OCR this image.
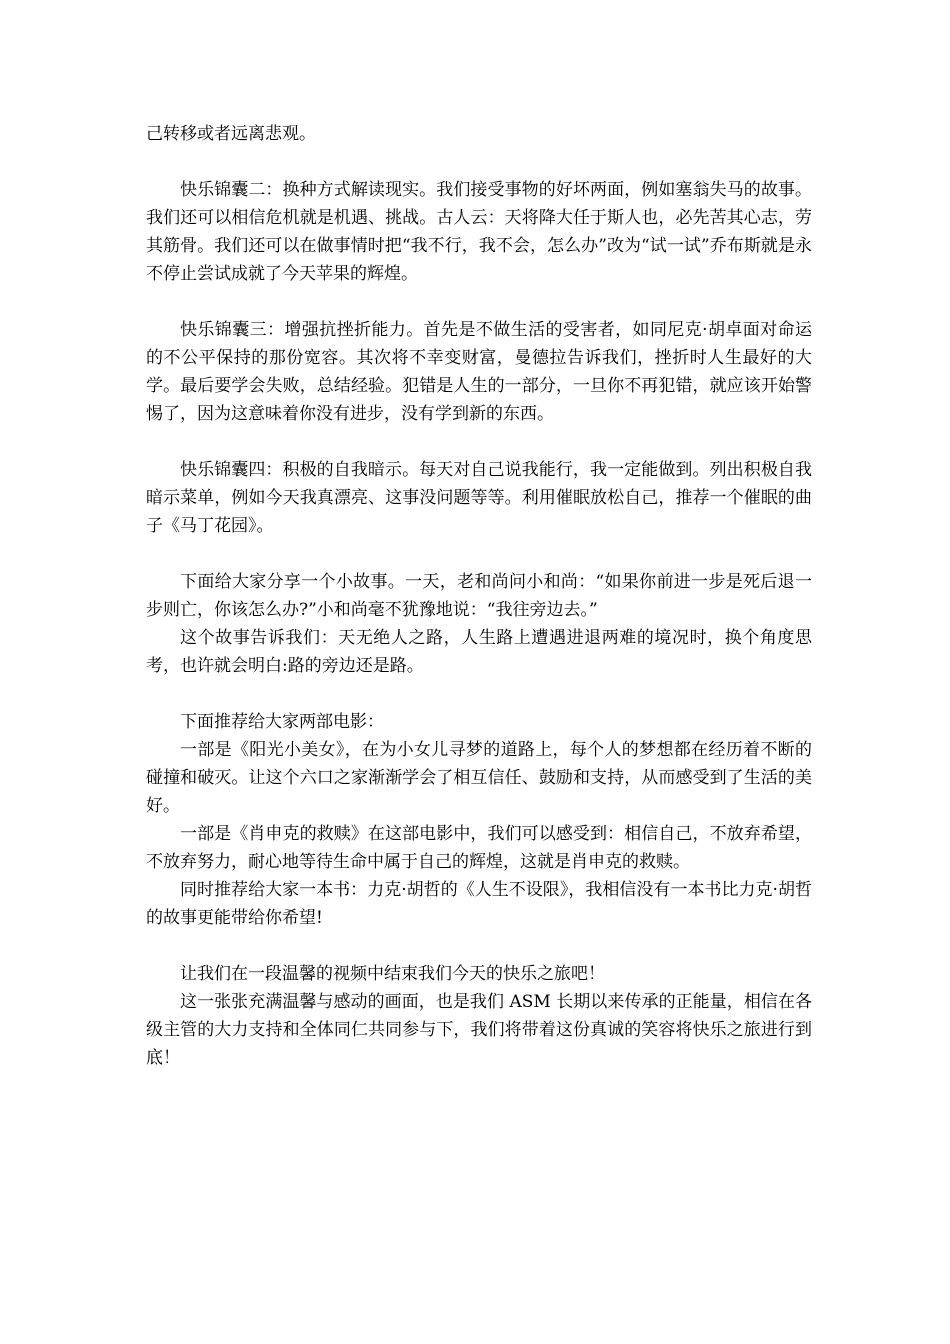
己转移或者远离悲观。

快乐锦囊二：换种方式解读现实。我们接受事物的好坏两面，例如塞翁失马的故事。我们还可以相信危机就是机遇、挑战。古人云：天将降大任于斯人也，必先苦其心志，劳其筋骨。我们还可以在做事情时把“我不行，我不会，怎么办”改为“试一试”乔布斯就是永不停止尝试成就了今天苹果的辉煌。

快乐锦囊三：增强抗挫折能力。首先是不做生活的受害者，如同尼克·胡卓面对命运的不公平保持的那份宽容。其次将不幸变财富，曼德拉告诉我们，挫折时人生最好的大学。最后要学会失败，总结经验。犯错是人生的一部分，一旦你不再犯错，就应该开始警惕了，因为这意味着你没有进步，没有学到新的东西。

快乐锦囊四：积极的自我暗示。每天对自己说我能行，我一定能做到。列出积极自我暗示菜单，例如今天我真漂亮、这事没问题等等。利用催眠放松自己，推荐一个催眠的曲子《马丁花园》。

下面给大家分享一个小故事。一天，老和尚问小和尚：“如果你前进一步是死后退一步则亡，你该怎么办?”小和尚毫不犹豫地说：“我往旁边去。”

这个故事告诉我们：天无绝人之路，人生路上遭遇进退两难的境况时，换个角度思考，也许就会明白:路的旁边还是路。

下面推荐给大家两部电影：

一部是《阳光小美女》，在为小女儿寻梦的道路上，每个人的梦想都在经历着不断的碰撞和破灭。让这个六口之家渐渐学会了相互信任、鼓励和支持，从而感受到了生活的美好。

一部是《肖申克的救赎》在这部电影中，我们可以感受到：相信自己，不放弃希望，不放弃努力，耐心地等待生命中属于自己的辉煌，这就是肖申克的救赎。

同时推荐给大家一本书：力克·胡哲的《人生不设限》，我相信没有一本书比力克·胡哲的故事更能带给你希望!

让我们在一段温馨的视频中结束我们今天的快乐之旅吧！

这一张张充满温馨与感动的画面，也是我们 ASM 长期以来传承的正能量，相信在各级主管的大力支持和全体同仁共同参与下，我们将带着这份真诚的笑容将快乐之旅进行到底！
